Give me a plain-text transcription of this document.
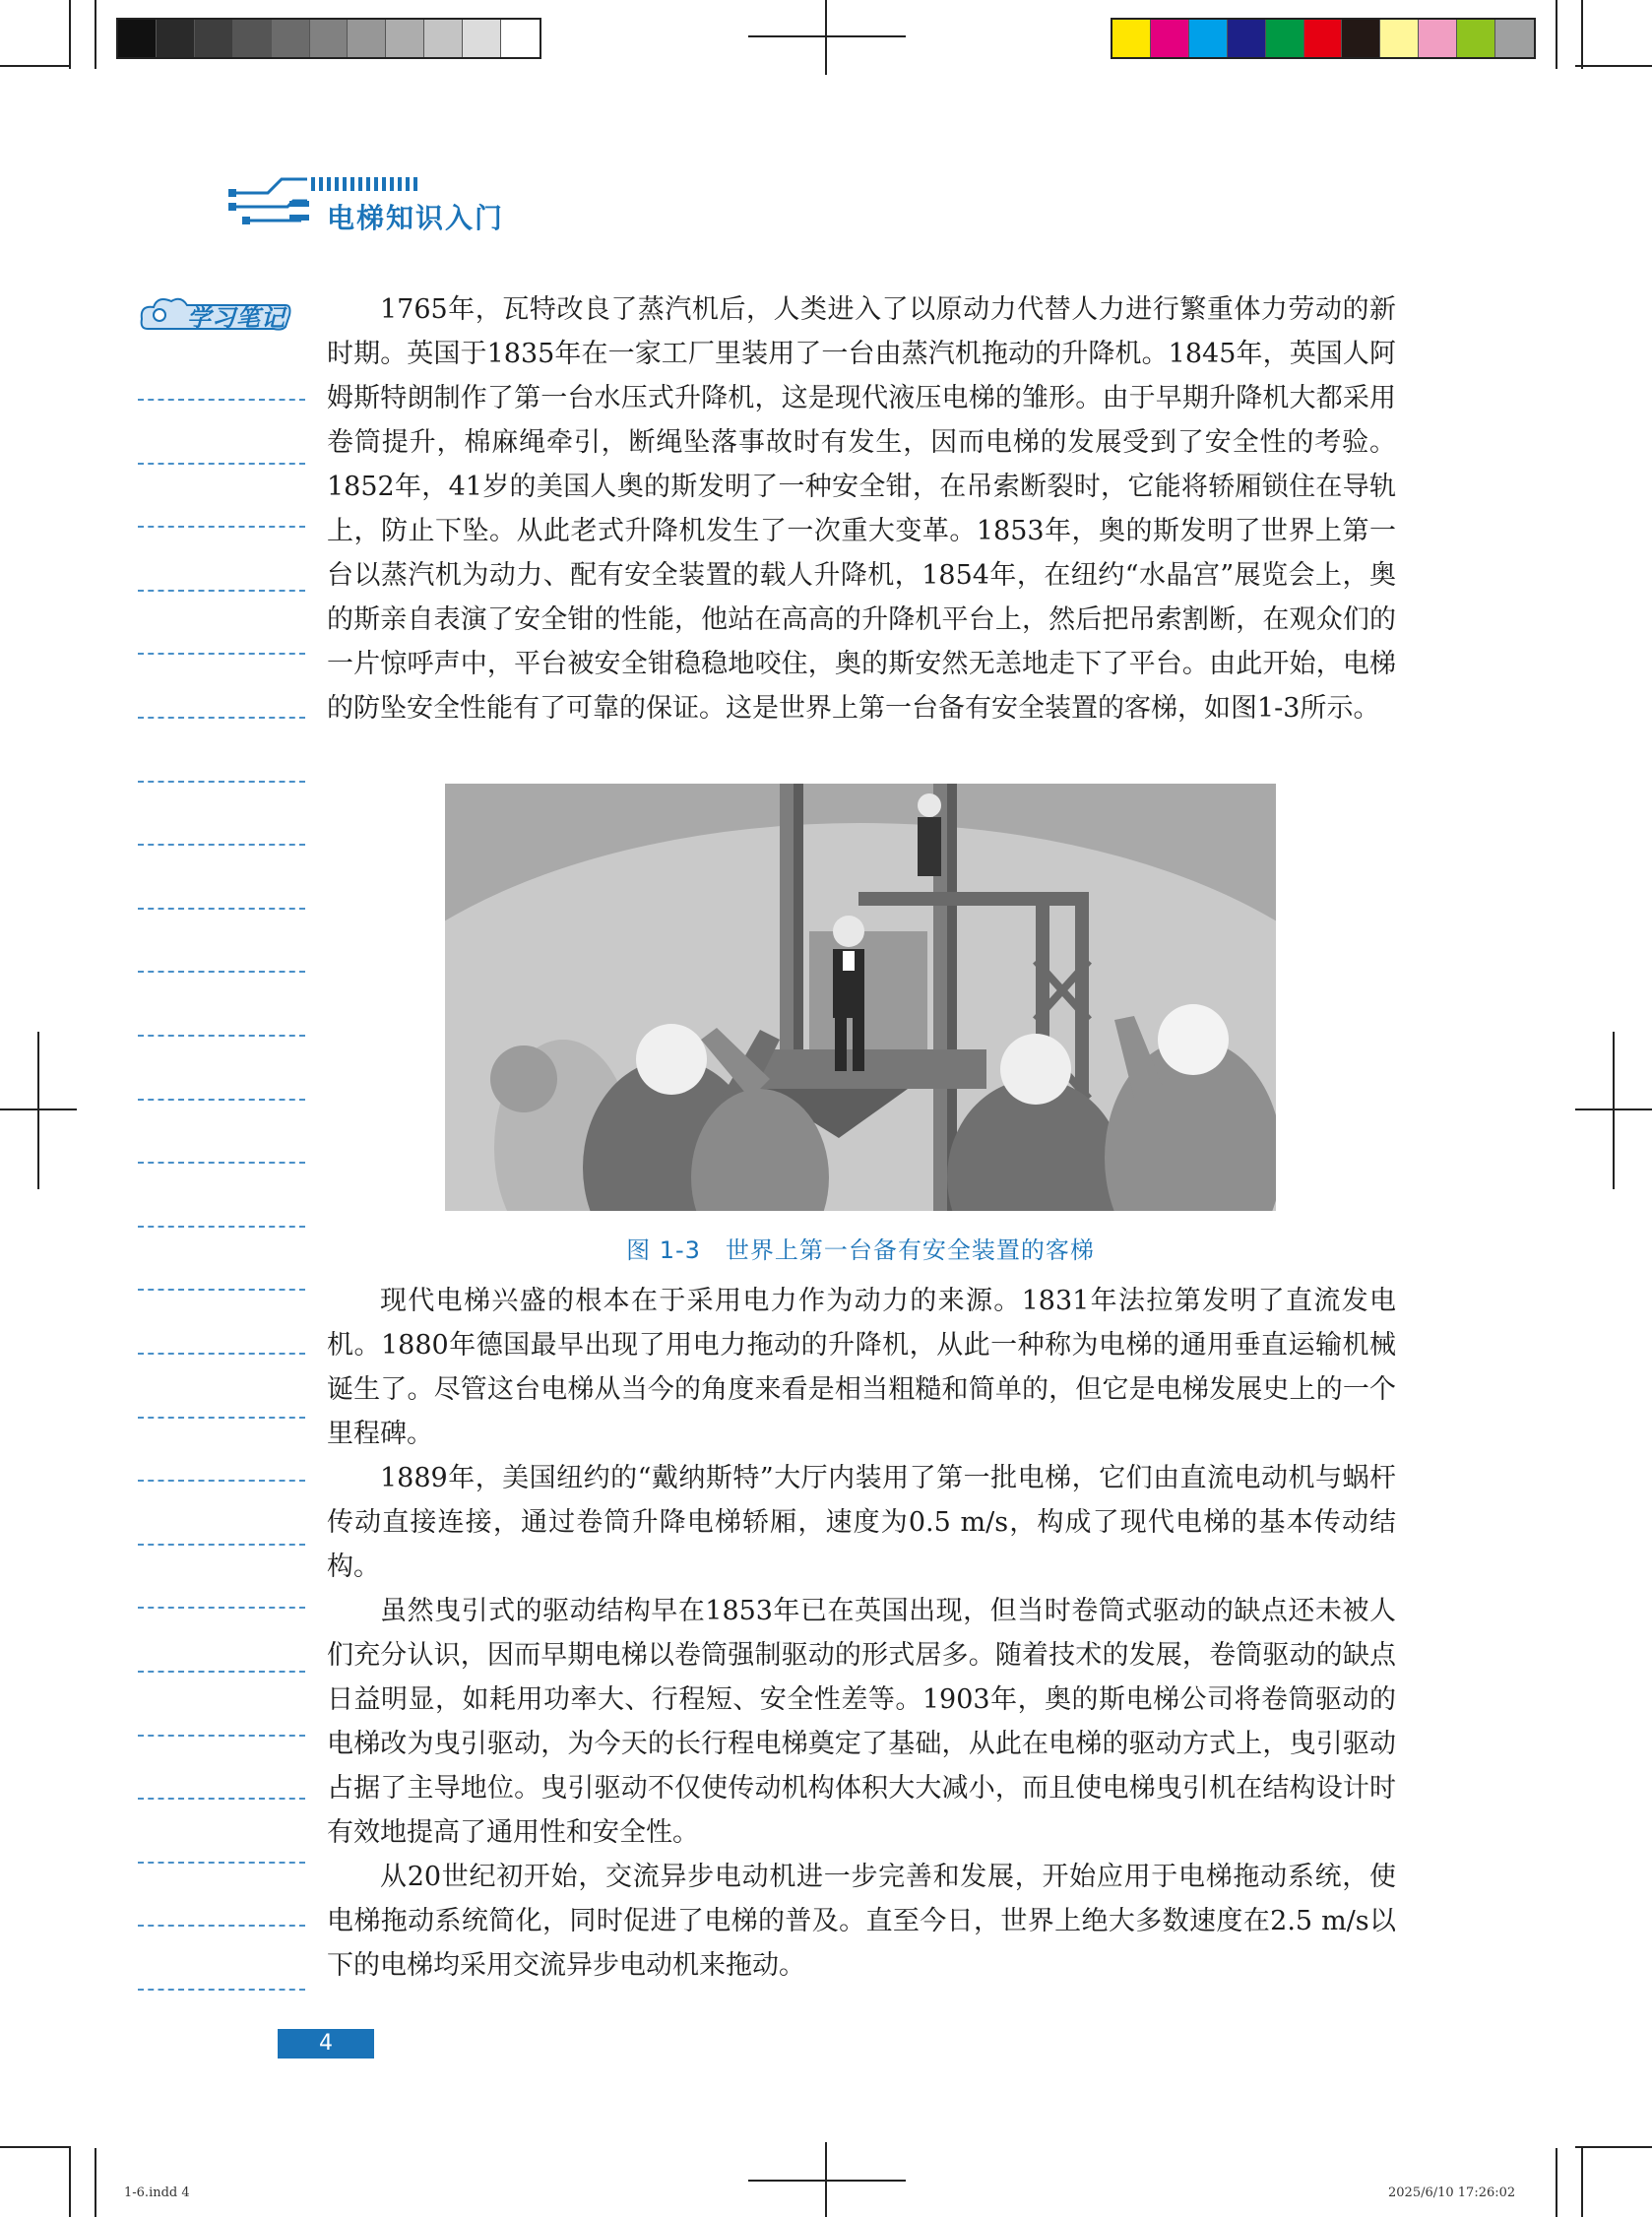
电梯知识入门
学习笔记	1765年，瓦特改良了蒸汽机后，人类进入了以原动力代替人力进行繁重体力劳动的新时期。英国于1835年在一家工厂里装用了一台由蒸汽机拖动的升降机。1845年，英国人阿姆斯特朗制作了第一台水压式升降机，这是现代液压电梯的雏形。由于早期升降机大都采用卷筒提升，棉麻绳牵引，断绳坠落事故时有发生，因而电梯的发展受到了安全性的考验。1852年，41岁的美国人奥的斯发明了一种安全钳，在吊索断裂时，它能将轿厢锁住在导轨上，防止下坠。从此老式升降机发生了一次重大变革。1853年，奥的斯发明了世界上第一台以蒸汽机为动力、配有安全装置的载人升降机，1854年，在纽约“水晶宫”展览会上，奥的斯亲自表演了安全钳的性能，他站在高高的升降机平台上，然后把吊索割断，在观众们的一片惊呼声中，平台被安全钳稳稳地咬住，奥的斯安然无恙地走下了平台。由此开始，电梯的防坠安全性能有了可靠的保证。这是世界上第一台备有安全装置的客梯，如图1-3所示。

图 1-3　世界上第一台备有安全装置的客梯

现代电梯兴盛的根本在于采用电力作为动力的来源。1831年法拉第发明了直流发电机。1880年德国最早出现了用电力拖动的升降机，从此一种称为电梯的通用垂直运输机械诞生了。尽管这台电梯从当今的角度来看是相当粗糙和简单的，但它是电梯发展史上的一个里程碑。

1889年，美国纽约的“戴纳斯特”大厅内装用了第一批电梯，它们由直流电动机与蜗杆传动直接连接，通过卷筒升降电梯轿厢，速度为0.5 m/s，构成了现代电梯的基本传动结构。

虽然曳引式的驱动结构早在1853年已在英国出现，但当时卷筒式驱动的缺点还未被人们充分认识，因而早期电梯以卷筒强制驱动的形式居多。随着技术的发展，卷筒驱动的缺点日益明显，如耗用功率大、行程短、安全性差等。1903年，奥的斯电梯公司将卷筒驱动的电梯改为曳引驱动，为今天的长行程电梯奠定了基础，从此在电梯的驱动方式上，曳引驱动占据了主导地位。曳引驱动不仅使传动机构体积大大减小，而且使电梯曳引机在结构设计时有效地提高了通用性和安全性。

从20世纪初开始，交流异步电动机进一步完善和发展，开始应用于电梯拖动系统，使电梯拖动系统简化，同时促进了电梯的普及。直至今日，世界上绝大多数速度在2.5 m/s以下的电梯均采用交流异步电动机来拖动。

4
1-6.indd 4	2025/6/10 17:26:02
